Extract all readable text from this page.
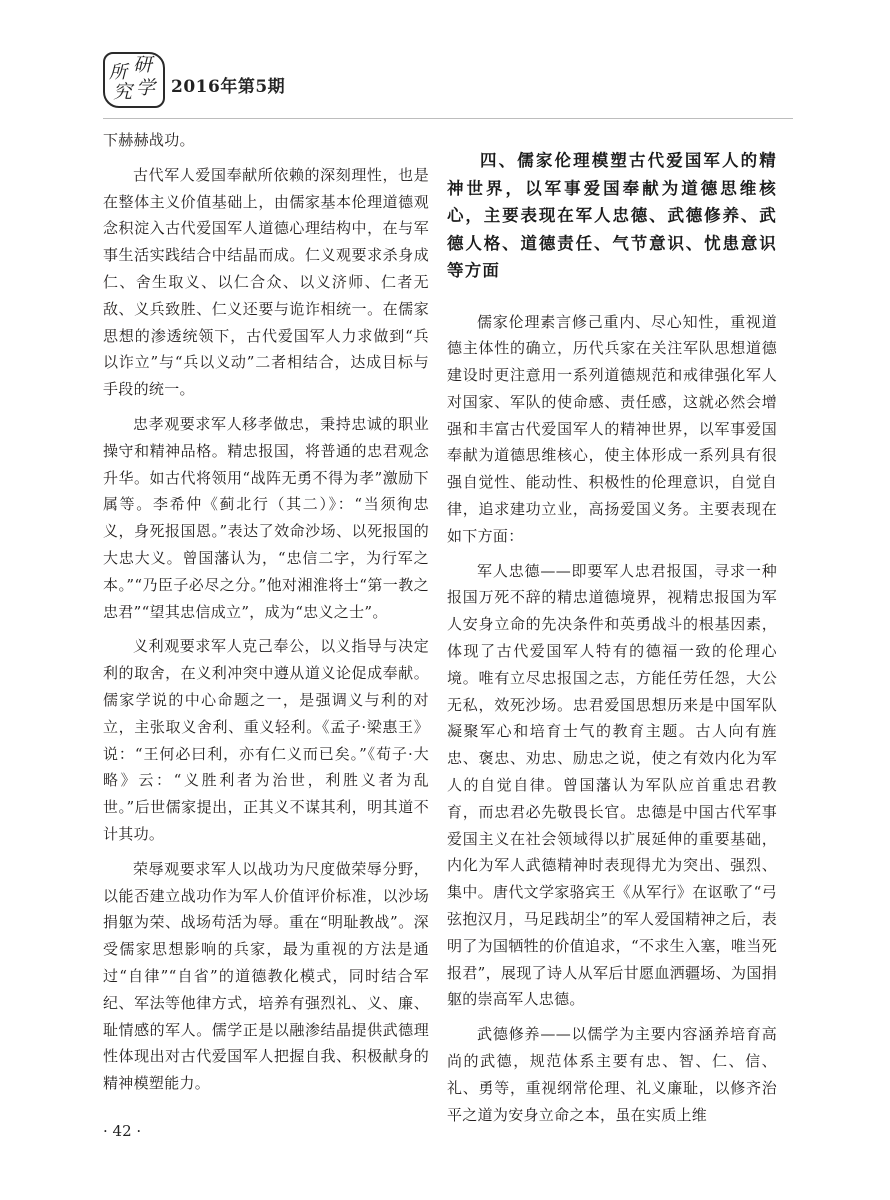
所 研
究 学 2016年第5期

下赫赫战功。

古代军人爱国奉献所依赖的深刻理性，也是在整体主义价值基础上，由儒家基本伦理道德观念积淀入古代爱国军人道德心理结构中，在与军事生活实践结合中结晶而成。仁义观要求杀身成仁、舍生取义、以仁合众、以义济师、仁者无敌、义兵致胜、仁义还要与诡诈相统一。在儒家思想的渗透统领下，古代爱国军人力求做到“兵以诈立”与“兵以义动”二者相结合，达成目标与手段的统一。

忠孝观要求军人移孝做忠，秉持忠诚的职业操守和精神品格。精忠报国，将普通的忠君观念升华。如古代将领用“战阵无勇不得为孝”激励下属等。李希仲《蓟北行（其二）》：“当须徇忠义，身死报国恩。”表达了效命沙场、以死报国的大忠大义。曾国藩认为，“忠信二字，为行军之本。”“乃臣子必尽之分。”他对湘淮将士“第一教之忠君”“望其忠信成立”，成为“忠义之士”。

义利观要求军人克己奉公，以义指导与决定利的取舍，在义利冲突中遵从道义论促成奉献。儒家学说的中心命题之一，是强调义与利的对立，主张取义舍利、重义轻利。《孟子·梁惠王》说：“王何必曰利，亦有仁义而已矣。”《荀子·大略》云：“义胜利者为治世，利胜义者为乱世。”后世儒家提出，正其义不谋其利，明其道不计其功。

荣辱观要求军人以战功为尺度做荣辱分野，以能否建立战功作为军人价值评价标准，以沙场捐躯为荣、战场苟活为辱。重在“明耻教战”。深受儒家思想影响的兵家，最为重视的方法是通过“自律”“自省”的道德教化模式，同时结合军纪、军法等他律方式，培养有强烈礼、义、廉、耻情感的军人。儒学正是以融渗结晶提供武德理性体现出对古代爱国军人把握自我、积极献身的精神模塑能力。

四、儒家伦理模塑古代爱国军人的精神世界，以军事爱国奉献为道德思维核心，主要表现在军人忠德、武德修养、武德人格、道德责任、气节意识、忧患意识等方面

儒家伦理素言修己重内、尽心知性，重视道德主体性的确立，历代兵家在关注军队思想道德建设时更注意用一系列道德规范和戒律强化军人对国家、军队的使命感、责任感，这就必然会增强和丰富古代爱国军人的精神世界，以军事爱国奉献为道德思维核心，使主体形成一系列具有很强自觉性、能动性、积极性的伦理意识，自觉自律，追求建功立业，高扬爱国义务。主要表现在如下方面：

军人忠德——即要军人忠君报国，寻求一种报国万死不辞的精忠道德境界，视精忠报国为军人安身立命的先决条件和英勇战斗的根基因素，体现了古代爱国军人特有的德福一致的伦理心境。唯有立尽忠报国之志，方能任劳任怨，大公无私，效死沙场。忠君爱国思想历来是中国军队凝聚军心和培育士气的教育主题。古人向有旌忠、褒忠、劝忠、励忠之说，使之有效内化为军人的自觉自律。曾国藩认为军队应首重忠君教育，而忠君必先敬畏长官。忠德是中国古代军事爱国主义在社会领域得以扩展延伸的重要基础，内化为军人武德精神时表现得尤为突出、强烈、集中。唐代文学家骆宾王《从军行》在讴歌了“弓弦抱汉月，马足践胡尘”的军人爱国精神之后，表明了为国牺牲的价值追求，“不求生入塞，唯当死报君”，展现了诗人从军后甘愿血洒疆场、为国捐躯的崇高军人忠德。

武德修养——以儒学为主要内容涵养培育高尚的武德，规范体系主要有忠、智、仁、信、礼、勇等，重视纲常伦理、礼义廉耻，以修齐治平之道为安身立命之本，虽在实质上维

· 42 ·
